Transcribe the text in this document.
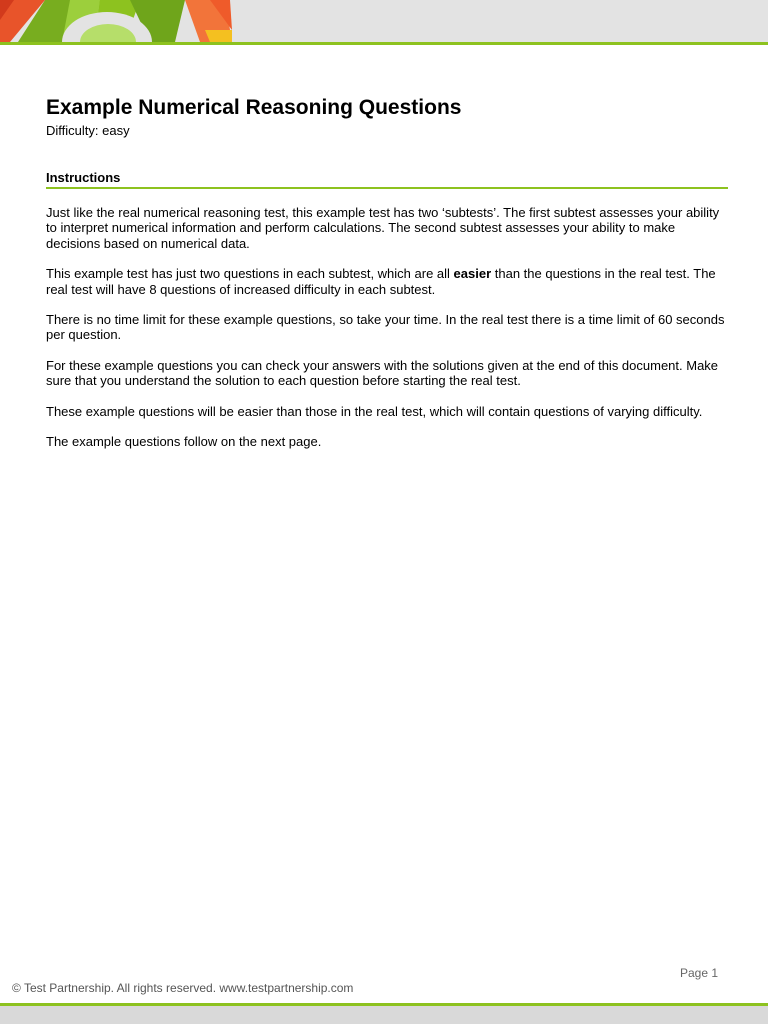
Example Numerical Reasoning Questions
Difficulty: easy
Instructions

Just like the real numerical reasoning test, this example test has two ‘subtests’. The first subtest assesses your ability to interpret numerical information and perform calculations. The second subtest assesses your ability to make decisions based on numerical data.

This example test has just two questions in each subtest, which are all easier than the questions in the real test. The real test will have 8 questions of increased difficulty in each subtest.

There is no time limit for these example questions, so take your time. In the real test there is a time limit of 60 seconds per question.

For these example questions you can check your answers with the solutions given at the end of this document. Make sure that you understand the solution to each question before starting the real test.

These example questions will be easier than those in the real test, which will contain questions of varying difficulty.

The example questions follow on the next page.

Page 1
© Test Partnership. All rights reserved. www.testpartnership.com
